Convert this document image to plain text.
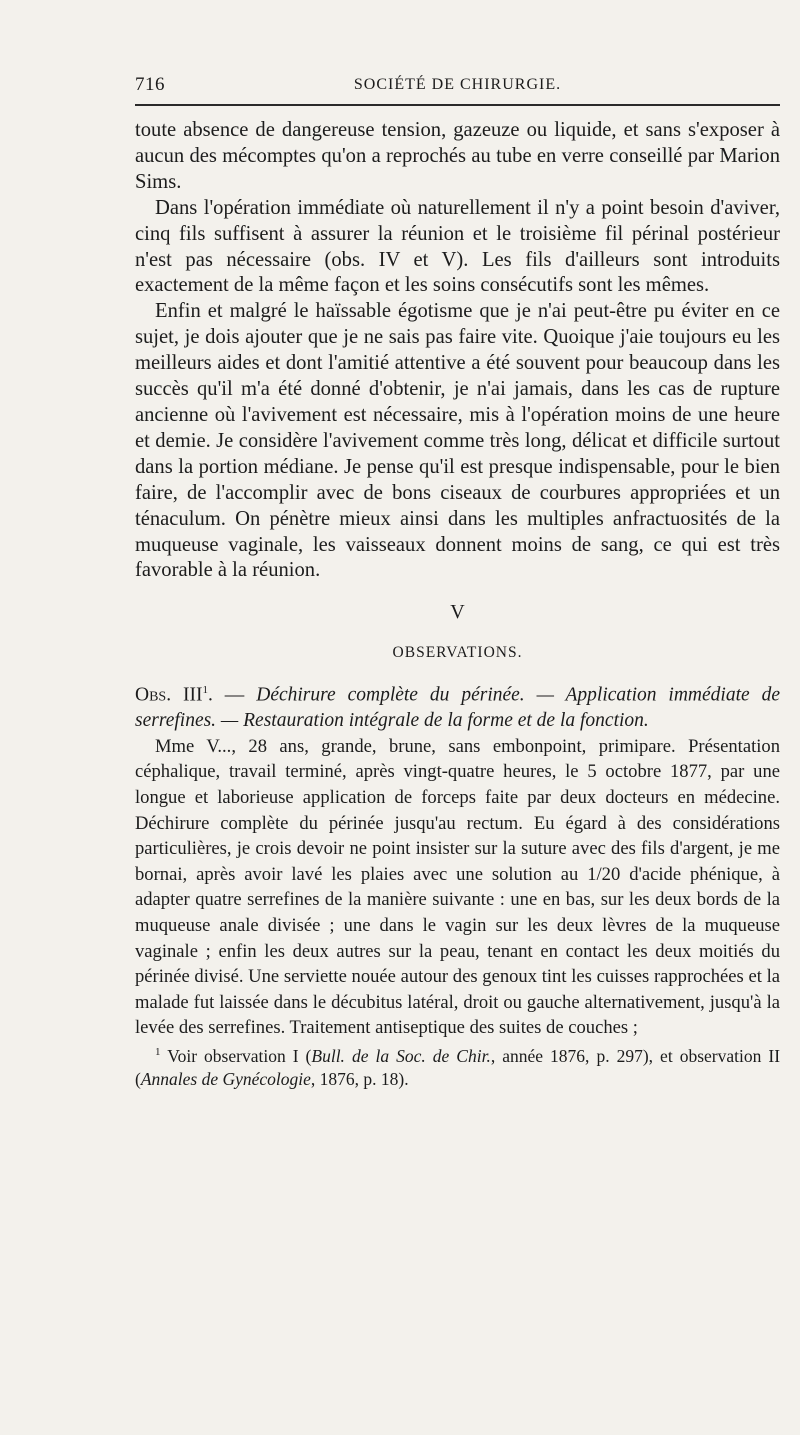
716	SOCIÉTÉ DE CHIRURGIE.

toute absence de dangereuse tension, gazeuze ou liquide, et sans s'exposer à aucun des mécomptes qu'on a reprochés au tube en verre conseillé par Marion Sims.

Dans l'opération immédiate où naturellement il n'y a point besoin d'aviver, cinq fils suffisent à assurer la réunion et le troisième fil périnal postérieur n'est pas nécessaire (obs. IV et V). Les fils d'ailleurs sont introduits exactement de la même façon et les soins consécutifs sont les mêmes.

Enfin et malgré le haïssable égotisme que je n'ai peut-être pu éviter en ce sujet, je dois ajouter que je ne sais pas faire vite. Quoique j'aie toujours eu les meilleurs aides et dont l'amitié attentive a été souvent pour beaucoup dans les succès qu'il m'a été donné d'obtenir, je n'ai jamais, dans les cas de rupture ancienne où l'avivement est nécessaire, mis à l'opération moins de une heure et demie. Je considère l'avivement comme très long, délicat et difficile surtout dans la portion médiane. Je pense qu'il est presque indispensable, pour le bien faire, de l'accomplir avec de bons ciseaux de courbures appropriées et un ténaculum. On pénètre mieux ainsi dans les multiples anfractuosités de la muqueuse vaginale, les vaisseaux donnent moins de sang, ce qui est très favorable à la réunion.

V
OBSERVATIONS.
Obs. III$^1$. — Déchirure complète du périnée. — Application immédiate de serrefines. — Restauration intégrale de la forme et de la fonction.

Mme V..., 28 ans, grande, brune, sans embonpoint, primipare. Présentation céphalique, travail terminé, après vingt-quatre heures, le 5 octobre 1877, par une longue et laborieuse application de forceps faite par deux docteurs en médecine. Déchirure complète du périnée jusqu'au rectum. Eu égard à des considérations particulières, je crois devoir ne point insister sur la suture avec des fils d'argent, je me bornai, après avoir lavé les plaies avec une solution au 1/20 d'acide phénique, à adapter quatre serrefines de la manière suivante : une en bas, sur les deux bords de la muqueuse anale divisée ; une dans le vagin sur les deux lèvres de la muqueuse vaginale ; enfin les deux autres sur la peau, tenant en contact les deux moitiés du périnée divisé. Une serviette nouée autour des genoux tint les cuisses rapprochées et la malade fut laissée dans le décubitus latéral, droit ou gauche alternativement, jusqu'à la levée des serrefines. Traitement antiseptique des suites de couches ;

$^1$ Voir observation I (Bull. de la Soc. de Chir., année 1876, p. 297), et observation II (Annales de Gynécologie, 1876, p. 18).
